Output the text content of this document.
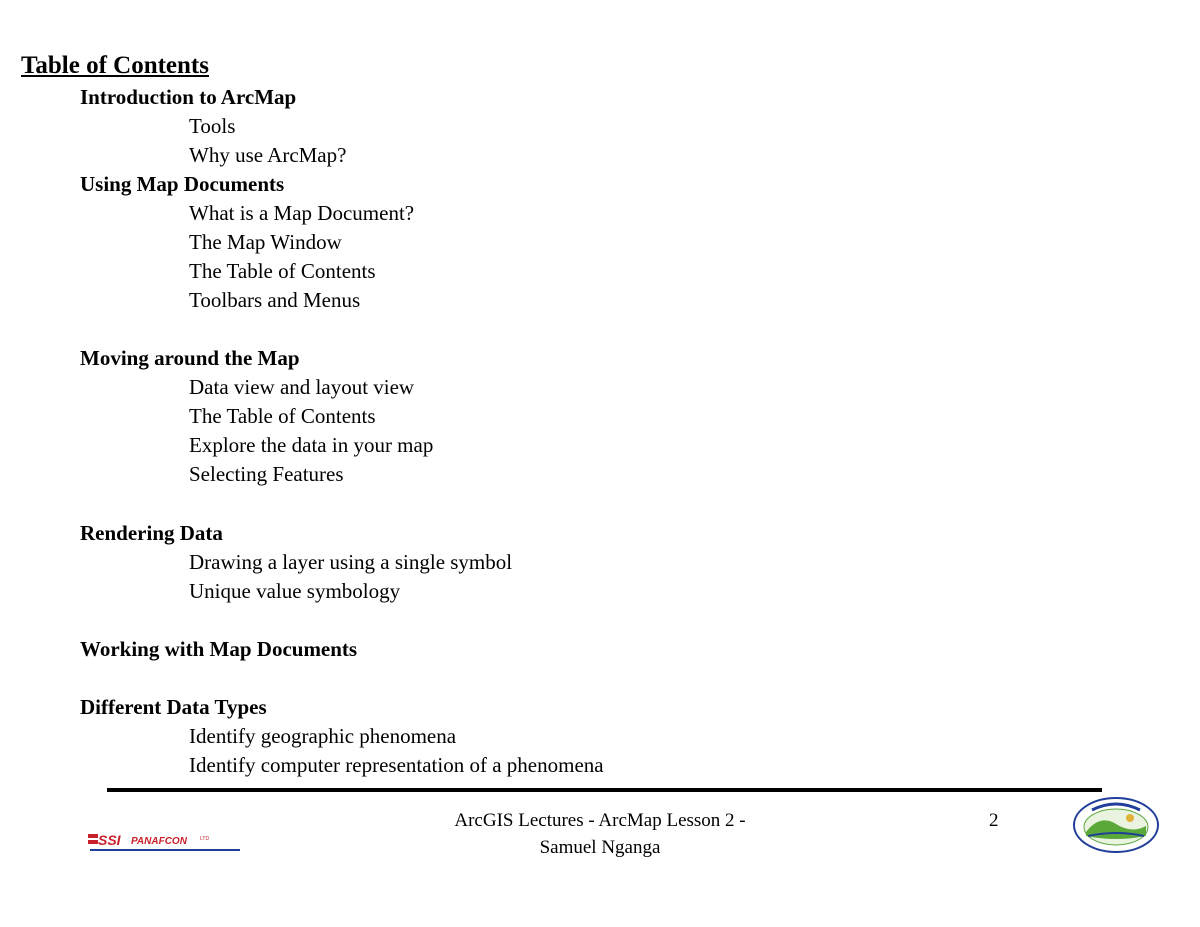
Table of Contents
Introduction to ArcMap
Tools
Why use ArcMap?
Using Map Documents
What is a Map Document?
The Map Window
The Table of Contents
Toolbars and Menus
Moving around the Map
Data view and layout view
The Table of Contents
Explore the data in your map
Selecting Features
Rendering Data
Drawing a layer using a single symbol
Unique value symbology
Working with Map Documents
Different Data Types
Identify geographic phenomena
Identify computer representation of a phenomena
ArcGIS Lectures - ArcMap Lesson 2 -
Samuel Nganga
2
SSI PANAFCON	LTD
